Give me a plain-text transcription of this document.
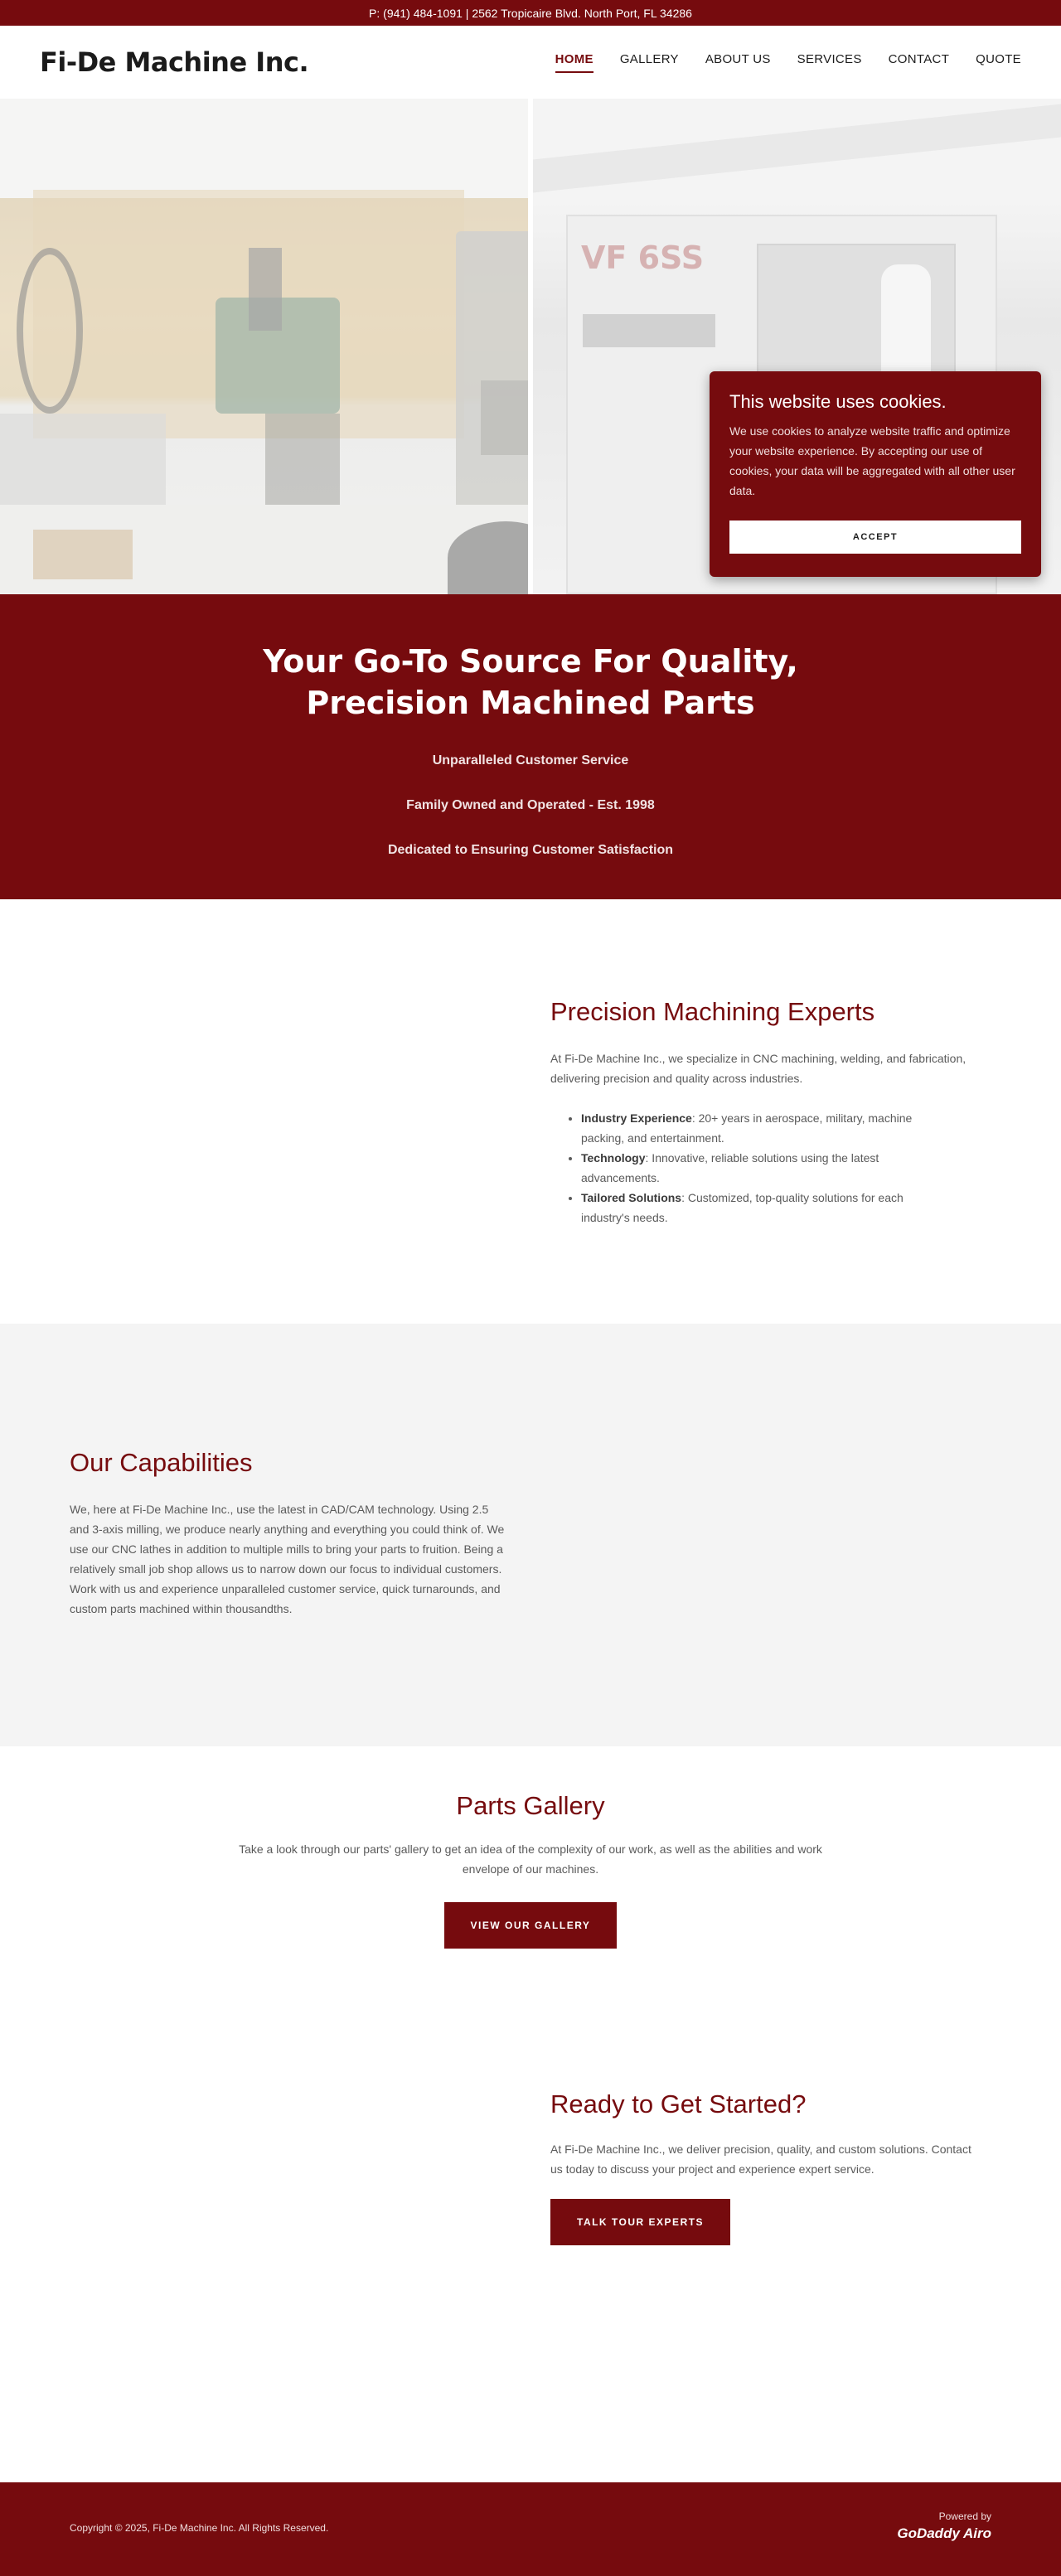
P: (941) 484-1091 | 2562 Tropicaire Blvd. North Port, FL 34286
Fi-De Machine Inc.	HOME GALLERY ABOUT US SERVICES CONTACT QUOTE
VF 6SS
This website uses cookies.

We use cookies to analyze website traffic and optimize your website experience. By accepting our use of cookies, your data will be aggregated with all other user data.

ACCEPT
Your Go-To Source For Quality,
Precision Machined Parts

Unparalleled Customer Service

Family Owned and Operated - Est. 1998

Dedicated to Ensuring Customer Satisfaction

Precision Machining Experts

At Fi-De Machine Inc., we specialize in CNC machining, welding, and fabrication, delivering precision and quality across industries.

• Industry Experience: 20+ years in aerospace, military, machine packing, and entertainment.
• Technology: Innovative, reliable solutions using the latest advancements.
• Tailored Solutions: Customized, top-quality solutions for each industry's needs.
Our Capabilities

We, here at Fi-De Machine Inc., use the latest in CAD/CAM technology. Using 2.5 and 3-axis milling, we produce nearly anything and everything you could think of. We use our CNC lathes in addition to multiple mills to bring your parts to fruition. Being a relatively small job shop allows us to narrow down our focus to individual customers. Work with us and experience unparalleled customer service, quick turnarounds, and custom parts machined within thousandths.

Parts Gallery

Take a look through our parts' gallery to get an idea of the complexity of our work, as well as the abilities and work envelope of our machines.

VIEW OUR GALLERY
Ready to Get Started?

At Fi-De Machine Inc., we deliver precision, quality, and custom solutions. Contact us today to discuss your project and experience expert service.

TALK TOUR EXPERTS
Copyright © 2025, Fi-De Machine Inc. All Rights Reserved.
Powered by
GoDaddy Airo
